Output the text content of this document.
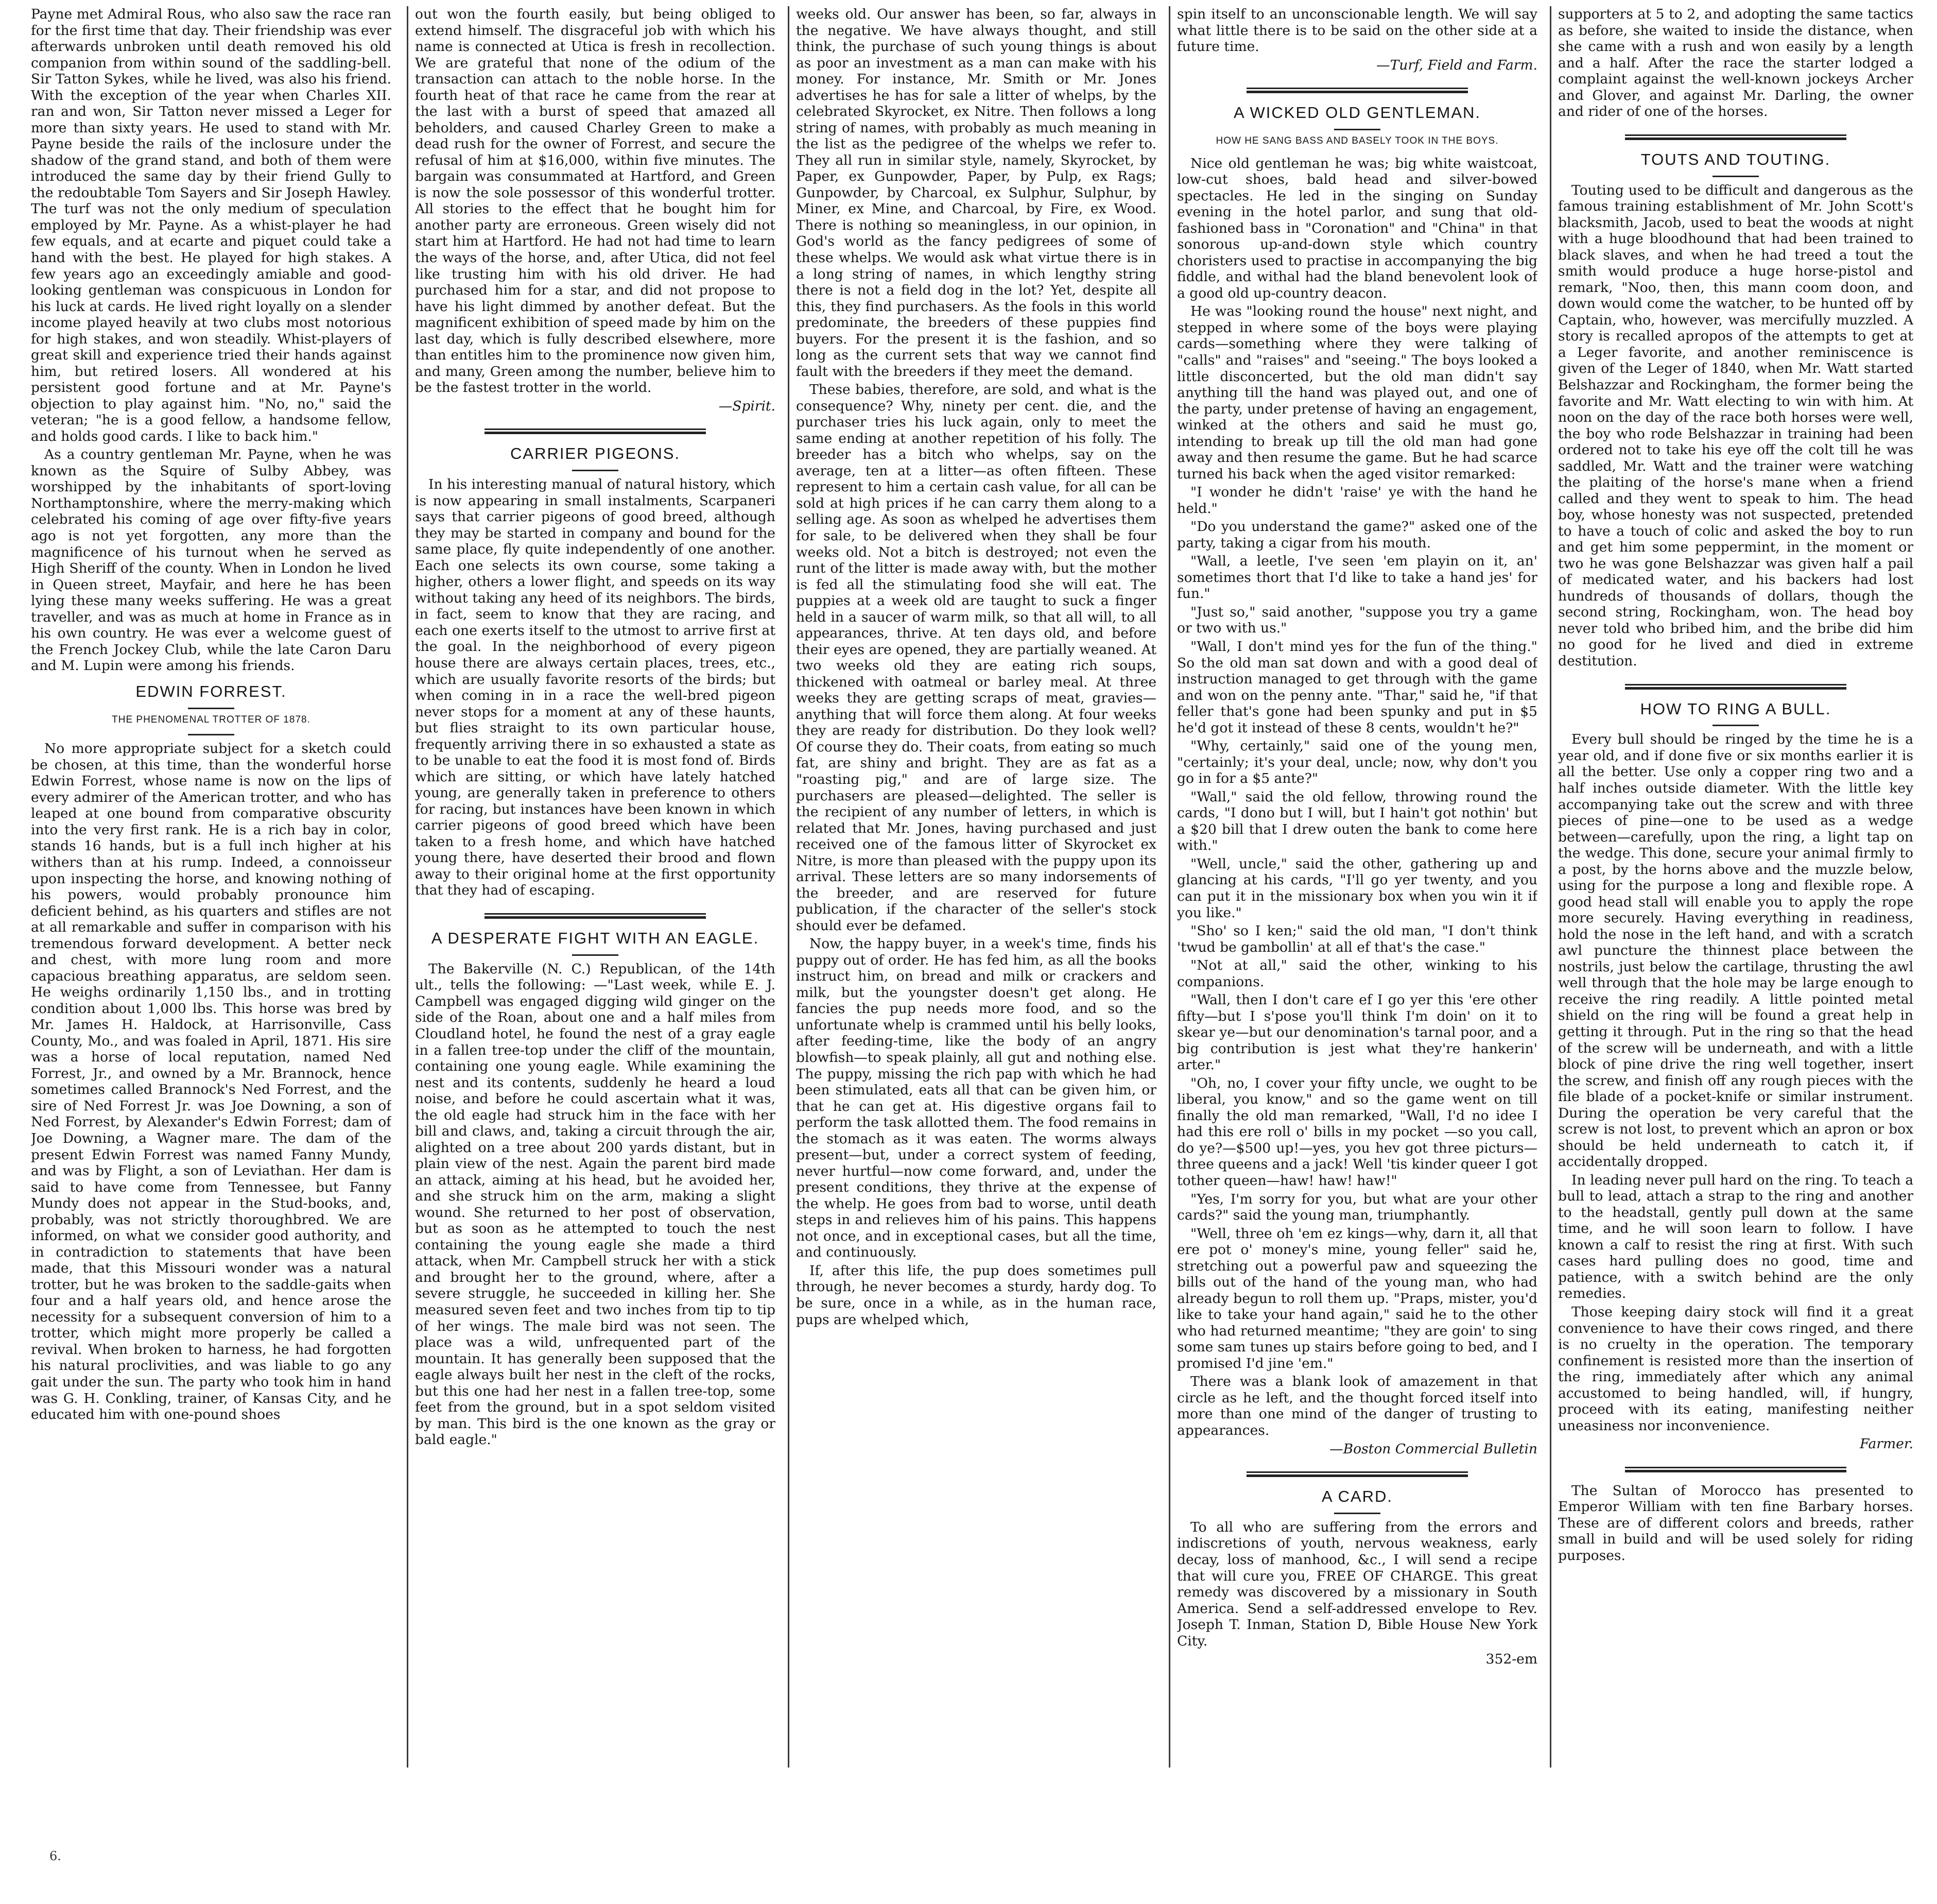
Payne met Admiral Rous, who also saw the race ran for the first time that day. Their friendship was ever afterwards unbroken until death removed his old companion from within sound of the saddling-bell. Sir Tatton Sykes, while he lived, was also his friend. With the exception of the year when Charles XII. ran and won, Sir Tatton never missed a Leger for more than sixty years. He used to stand with Mr. Payne beside the rails of the inclosure under the shadow of the grand stand, and both of them were introduced the same day by their friend Gully to the redoubtable Tom Sayers and Sir Joseph Hawley. The turf was not the only medium of speculation employed by Mr. Payne. As a whist-player he had few equals, and at ecarte and piquet could take a hand with the best. He played for high stakes. A few years ago an exceedingly amiable and good-looking gentleman was conspicuous in London for his luck at cards. He lived right loyally on a slender income played heavily at two clubs most notorious for high stakes, and won steadily. Whist-players of great skill and experience tried their hands against him, but retired losers. All wondered at his persistent good fortune and at Mr. Payne's objection to play against him. "No, no," said the veteran; "he is a good fellow, a handsome fellow, and holds good cards. I like to back him."

As a country gentleman Mr. Payne, when he was known as the Squire of Sulby Abbey, was worshipped by the inhabitants of sport-loving Northamptonshire, where the merry-making which celebrated his coming of age over fifty-five years ago is not yet forgotten, any more than the magnificence of his turnout when he served as High Sheriff of the county. When in London he lived in Queen street, Mayfair, and here he has been lying these many weeks suffering. He was a great traveller, and was as much at home in France as in his own country. He was ever a welcome guest of the French Jockey Club, while the late Caron Daru and M. Lupin were among his friends.

EDWIN FORREST.
THE PHENOMENAL TROTTER OF 1878.

No more appropriate subject for a sketch could be chosen, at this time, than the wonderful horse Edwin Forrest, whose name is now on the lips of every admirer of the American trotter, and who has leaped at one bound from comparative obscurity into the very first rank. He is a rich bay in color, stands 16 hands, but is a full inch higher at his withers than at his rump. Indeed, a connoisseur upon inspecting the horse, and knowing nothing of his powers, would probably pronounce him deficient behind, as his quarters and stifles are not at all remarkable and suffer in comparison with his tremendous forward development. A better neck and chest, with more lung room and more capacious breathing apparatus, are seldom seen. He weighs ordinarily 1,150 lbs., and in trotting condition about 1,000 lbs. This horse was bred by Mr. James H. Haldock, at Harrisonville, Cass County, Mo., and was foaled in April, 1871. His sire was a horse of local reputation, named Ned Forrest, Jr., and owned by a Mr. Brannock, hence sometimes called Brannock's Ned Forrest, and the sire of Ned Forrest Jr. was Joe Downing, a son of Ned Forrest, by Alexander's Edwin Forrest; dam of Joe Downing, a Wagner mare. The dam of the present Edwin Forrest was named Fanny Mundy, and was by Flight, a son of Leviathan. Her dam is said to have come from Tennessee, but Fanny Mundy does not appear in the Stud-books, and, probably, was not strictly thoroughbred. We are informed, on what we consider good authority, and in contradiction to statements that have been made, that this Missouri wonder was a natural trotter, but he was broken to the saddle-gaits when four and a half years old, and hence arose the necessity for a subsequent conversion of him to a trotter, which might more properly be called a revival. When broken to harness, he had forgotten his natural proclivities, and was liable to go any gait under the sun. The party who took him in hand was G. H. Conkling, trainer, of Kansas City, and he educated him with one-pound shoes

out won the fourth easily, but being obliged to extend himself. The disgraceful job with which his name is connected at Utica is fresh in recollection. We are grateful that none of the odium of the transaction can attach to the noble horse. In the fourth heat of that race he came from the rear at the last with a burst of speed that amazed all beholders, and caused Charley Green to make a dead rush for the owner of Forrest, and secure the refusal of him at $16,000, within five minutes. The bargain was consummated at Hartford, and Green is now the sole possessor of this wonderful trotter. All stories to the effect that he bought him for another party are erroneous. Green wisely did not start him at Hartford. He had not had time to learn the ways of the horse, and, after Utica, did not feel like trusting him with his old driver. He had purchased him for a star, and did not propose to have his light dimmed by another defeat. But the magnificent exhibition of speed made by him on the last day, which is fully described elsewhere, more than entitles him to the prominence now given him, and many, Green among the number, believe him to be the fastest trotter in the world.

—Spirit.

CARRIER PIGEONS.

In his interesting manual of natural history, which is now appearing in small instalments, Scarpaneri says that carrier pigeons of good breed, although they may be started in company and bound for the same place, fly quite independently of one another. Each one selects its own course, some taking a higher, others a lower flight, and speeds on its way without taking any heed of its neighbors. The birds, in fact, seem to know that they are racing, and each one exerts itself to the utmost to arrive first at the goal. In the neighborhood of every pigeon house there are always certain places, trees, etc., which are usually favorite resorts of the birds; but when coming in in a race the well-bred pigeon never stops for a moment at any of these haunts, but flies straight to its own particular house, frequently arriving there in so exhausted a state as to be unable to eat the food it is most fond of. Birds which are sitting, or which have lately hatched young, are generally taken in preference to others for racing, but instances have been known in which carrier pigeons of good breed which have been taken to a fresh home, and which have hatched young there, have deserted their brood and flown away to their original home at the first opportunity that they had of escaping.

A DESPERATE FIGHT WITH AN EAGLE.

The Bakerville (N. C.) Republican, of the 14th ult., tells the following: —"Last week, while E. J. Campbell was engaged digging wild ginger on the side of the Roan, about one and a half miles from Cloudland hotel, he found the nest of a gray eagle in a fallen tree-top under the cliff of the mountain, containing one young eagle. While examining the nest and its contents, suddenly he heard a loud noise, and before he could ascertain what it was, the old eagle had struck him in the face with her bill and claws, and, taking a circuit through the air, alighted on a tree about 200 yards distant, but in plain view of the nest. Again the parent bird made an attack, aiming at his head, but he avoided her, and she struck him on the arm, making a slight wound. She returned to her post of observation, but as soon as he attempted to touch the nest containing the young eagle she made a third attack, when Mr. Campbell struck her with a stick and brought her to the ground, where, after a severe struggle, he succeeded in killing her. She measured seven feet and two inches from tip to tip of her wings. The male bird was not seen. The place was a wild, unfrequented part of the mountain. It has generally been supposed that the eagle always built her nest in the cleft of the rocks, but this one had her nest in a fallen tree-top, some feet from the ground, but in a spot seldom visited by man. This bird is the one known as the gray or bald eagle."

weeks old. Our answer has been, so far, always in the negative. We have always thought, and still think, the purchase of such young things is about as poor an investment as a man can make with his money. For instance, Mr. Smith or Mr. Jones advertises he has for sale a litter of whelps, by the celebrated Skyrocket, ex Nitre. Then follows a long string of names, with probably as much meaning in the list as the pedigree of the whelps we refer to. They all run in similar style, namely, Skyrocket, by Paper, ex Gunpowder, Paper, by Pulp, ex Rags; Gunpowder, by Charcoal, ex Sulphur, Sulphur, by Miner, ex Mine, and Charcoal, by Fire, ex Wood. There is nothing so meaningless, in our opinion, in God's world as the fancy pedigrees of some of these whelps. We would ask what virtue there is in a long string of names, in which lengthy string there is not a field dog in the lot? Yet, despite all this, they find purchasers. As the fools in this world predominate, the breeders of these puppies find buyers. For the present it is the fashion, and so long as the current sets that way we cannot find fault with the breeders if they meet the demand.

These babies, therefore, are sold, and what is the consequence? Why, ninety per cent. die, and the purchaser tries his luck again, only to meet the same ending at another repetition of his folly. The breeder has a bitch who whelps, say on the average, ten at a litter—as often fifteen. These represent to him a certain cash value, for all can be sold at high prices if he can carry them along to a selling age. As soon as whelped he advertises them for sale, to be delivered when they shall be four weeks old. Not a bitch is destroyed; not even the runt of the litter is made away with, but the mother is fed all the stimulating food she will eat. The puppies at a week old are taught to suck a finger held in a saucer of warm milk, so that all will, to all appearances, thrive. At ten days old, and before their eyes are opened, they are partially weaned. At two weeks old they are eating rich soups, thickened with oatmeal or barley meal. At three weeks they are getting scraps of meat, gravies—anything that will force them along. At four weeks they are ready for distribution. Do they look well? Of course they do. Their coats, from eating so much fat, are shiny and bright. They are as fat as a "roasting pig," and are of large size. The purchasers are pleased—delighted. The seller is the recipient of any number of letters, in which is related that Mr. Jones, having purchased and just received one of the famous litter of Skyrocket ex Nitre, is more than pleased with the puppy upon its arrival. These letters are so many indorsements of the breeder, and are reserved for future publication, if the character of the seller's stock should ever be defamed.

Now, the happy buyer, in a week's time, finds his puppy out of order. He has fed him, as all the books instruct him, on bread and milk or crackers and milk, but the youngster doesn't get along. He fancies the pup needs more food, and so the unfortunate whelp is crammed until his belly looks, after feeding-time, like the body of an angry blowfish—to speak plainly, all gut and nothing else. The puppy, missing the rich pap with which he had been stimulated, eats all that can be given him, or that he can get at. His digestive organs fail to perform the task allotted them. The food remains in the stomach as it was eaten. The worms always present—but, under a correct system of feeding, never hurtful—now come forward, and, under the present conditions, they thrive at the expense of the whelp. He goes from bad to worse, until death steps in and relieves him of his pains. This happens not once, and in exceptional cases, but all the time, and continuously.

If, after this life, the pup does sometimes pull through, he never becomes a sturdy, hardy dog. To be sure, once in a while, as in the human race, pups are whelped which,

spin itself to an unconscionable length. We will say what little there is to be said on the other side at a future time.

—Turf, Field and Farm.

A WICKED OLD GENTLEMAN.
HOW HE SANG BASS AND BASELY TOOK IN THE BOYS.

Nice old gentleman he was; big white waistcoat, low-cut shoes, bald head and silver-bowed spectacles. He led in the singing on Sunday evening in the hotel parlor, and sung that old-fashioned bass in "Coronation" and "China" in that sonorous up-and-down style which country choristers used to practise in accompanying the big fiddle, and withal had the bland benevolent look of a good old up-country deacon.

He was "looking round the house" next night, and stepped in where some of the boys were playing cards—something where they were talking of "calls" and "raises" and "seeing." The boys looked a little disconcerted, but the old man didn't say anything till the hand was played out, and one of the party, under pretense of having an engagement, winked at the others and said he must go, intending to break up till the old man had gone away and then resume the game. But he had scarce turned his back when the aged visitor remarked:

"I wonder he didn't 'raise' ye with the hand he held."

"Do you understand the game?" asked one of the party, taking a cigar from his mouth.

"Wall, a leetle, I've seen 'em playin on it, an' sometimes thort that I'd like to take a hand jes' for fun."

"Just so," said another, "suppose you try a game or two with us."

"Wall, I don't mind yes for the fun of the thing." So the old man sat down and with a good deal of instruction managed to get through with the game and won on the penny ante. "Thar," said he, "if that feller that's gone had been spunky and put in $5 he'd got it instead of these 8 cents, wouldn't he?"

"Why, certainly," said one of the young men, "certainly; it's your deal, uncle; now, why don't you go in for a $5 ante?"

"Wall," said the old fellow, throwing round the cards, "I dono but I will, but I hain't got nothin' but a $20 bill that I drew outen the bank to come here with."

"Well, uncle," said the other, gathering up and glancing at his cards, "I'll go yer twenty, and you can put it in the missionary box when you win it if you like."

"Sho' so I ken;" said the old man, "I don't think 'twud be gambollin' at all ef that's the case."

"Not at all," said the other, winking to his companions.

"Wall, then I don't care ef I go yer this 'ere other fifty—but I s'pose you'll think I'm doin' on it to skear ye—but our denomination's tarnal poor, and a big contribution is jest what they're hankerin' arter."

"Oh, no, I cover your fifty uncle, we ought to be liberal, you know," and so the game went on till finally the old man remarked, "Wall, I'd no idee I had this ere roll o' bills in my pocket —so you call, do ye?—$500 up!—yes, you hev got three picturs—three queens and a jack! Well 'tis kinder queer I got tother queen—haw! haw! haw!"

"Yes, I'm sorry for you, but what are your other cards?" said the young man, triumphantly.

"Well, three oh 'em ez kings—why, darn it, all that ere pot o' money's mine, young feller" said he, stretching out a powerful paw and squeezing the bills out of the hand of the young man, who had already begun to roll them up. "Praps, mister, you'd like to take your hand again," said he to the other who had returned meantime; "they are goin' to sing some sam tunes up stairs before going to bed, and I promised I'd jine 'em."

There was a blank look of amazement in that circle as he left, and the thought forced itself into more than one mind of the danger of trusting to appearances.

—Boston Commercial Bulletin

A CARD.

To all who are suffering from the errors and indiscretions of youth, nervous weakness, early decay, loss of manhood, &c., I will send a recipe that will cure you, FREE OF CHARGE. This great remedy was discovered by a missionary in South America. Send a self-addressed envelope to Rev. Joseph T. Inman, Station D, Bible House New York City.

352-em

supporters at 5 to 2, and adopting the same tactics as before, she waited to inside the distance, when she came with a rush and won easily by a length and a half. After the race the starter lodged a complaint against the well-known jockeys Archer and Glover, and against Mr. Darling, the owner and rider of one of the horses.

TOUTS AND TOUTING.

Touting used to be difficult and dangerous as the famous training establishment of Mr. John Scott's blacksmith, Jacob, used to beat the woods at night with a huge bloodhound that had been trained to black slaves, and when he had treed a tout the smith would produce a huge horse-pistol and remark, "Noo, then, this mann coom doon, and down would come the watcher, to be hunted off by Captain, who, however, was mercifully muzzled. A story is recalled apropos of the attempts to get at a Leger favorite, and another reminiscence is given of the Leger of 1840, when Mr. Watt started Belshazzar and Rockingham, the former being the favorite and Mr. Watt electing to win with him. At noon on the day of the race both horses were well, the boy who rode Belshazzar in training had been ordered not to take his eye off the colt till he was saddled, Mr. Watt and the trainer were watching the plaiting of the horse's mane when a friend called and they went to speak to him. The head boy, whose honesty was not suspected, pretended to have a touch of colic and asked the boy to run and get him some peppermint, in the moment or two he was gone Belshazzar was given half a pail of medicated water, and his backers had lost hundreds of thousands of dollars, though the second string, Rockingham, won. The head boy never told who bribed him, and the bribe did him no good for he lived and died in extreme destitution.

HOW TO RING A BULL.

Every bull should be ringed by the time he is a year old, and if done five or six months earlier it is all the better. Use only a copper ring two and a half inches outside diameter. With the little key accompanying take out the screw and with three pieces of pine—one to be used as a wedge between—carefully, upon the ring, a light tap on the wedge. This done, secure your animal firmly to a post, by the horns above and the muzzle below, using for the purpose a long and flexible rope. A good head stall will enable you to apply the rope more securely. Having everything in readiness, hold the nose in the left hand, and with a scratch awl puncture the thinnest place between the nostrils, just below the cartilage, thrusting the awl well through that the hole may be large enough to receive the ring readily. A little pointed metal shield on the ring will be found a great help in getting it through. Put in the ring so that the head of the screw will be underneath, and with a little block of pine drive the ring well together, insert the screw, and finish off any rough pieces with the file blade of a pocket-knife or similar instrument. During the operation be very careful that the screw is not lost, to prevent which an apron or box should be held underneath to catch it, if accidentally dropped.

In leading never pull hard on the ring. To teach a bull to lead, attach a strap to the ring and another to the headstall, gently pull down at the same time, and he will soon learn to follow. I have known a calf to resist the ring at first. With such cases hard pulling does no good, time and patience, with a switch behind are the only remedies.

Those keeping dairy stock will find it a great convenience to have their cows ringed, and there is no cruelty in the operation. The temporary confinement is resisted more than the insertion of the ring, immediately after which any animal accustomed to being handled, will, if hungry, proceed with its eating, manifesting neither uneasiness nor inconvenience.

Farmer.

The Sultan of Morocco has presented to Emperor William with ten fine Barbary horses. These are of different colors and breeds, rather small in build and will be used solely for riding purposes.

6.
